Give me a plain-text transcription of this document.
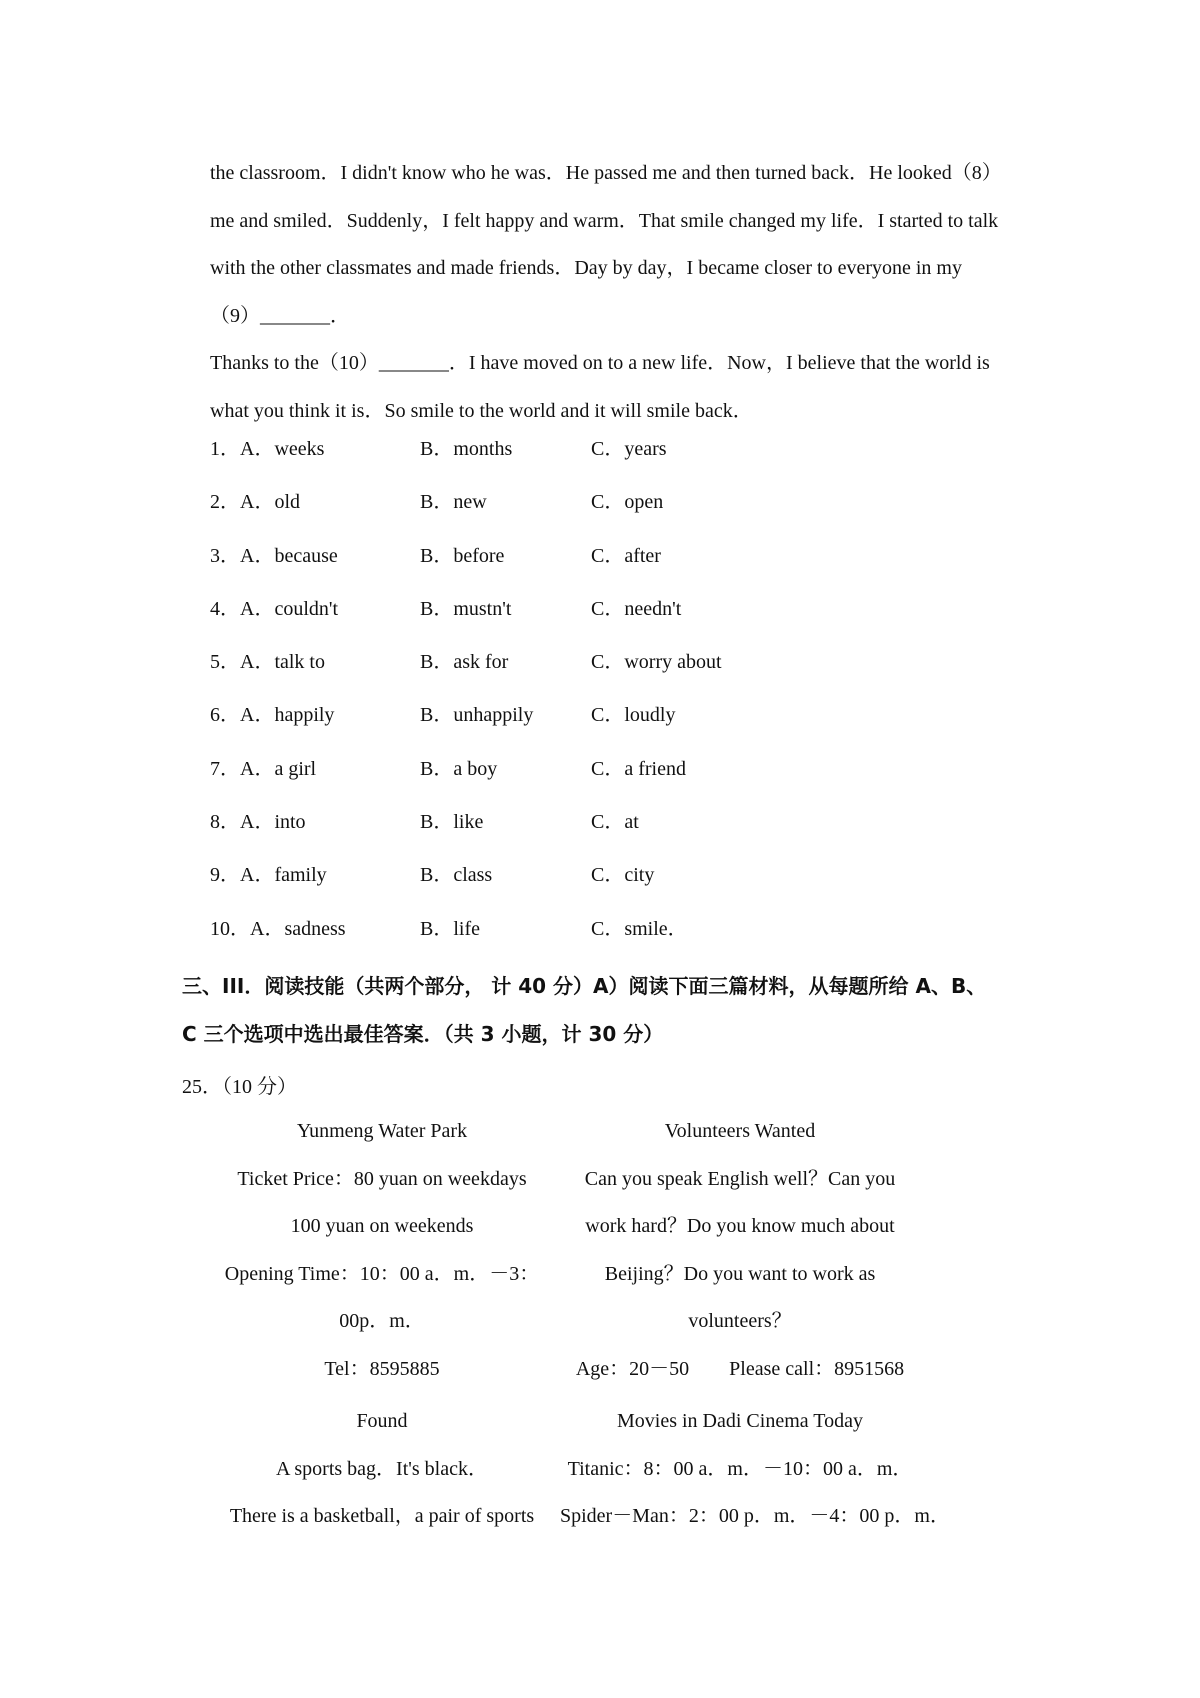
the classroom．I didn't know who he was．He passed me and then turned back．He looked（8）

me and smiled．Suddenly，I felt happy and warm．That smile changed my life．I started to talk

with the other classmates and made friends．Day by day，I became closer to everyone in my

（9）_______．

Thanks to the（10）_______．I have moved on to a new life．Now，I believe that the world is

what you think it is．So smile to the world and it will smile back．

1．A．weeks	B．months	C．years
2．A．old	B．new	C．open
3．A．because	B．before	C．after
4．A．couldn't	B．mustn't	C．needn't
5．A．talk to	B．ask for	C．worry about
6．A．happily	B．unhappily	C．loudly
7．A．a girl	B．a boy	C．a friend
8．A．into	B．like	C．at
9．A．family	B．class	C．city
10．A．sadness	B．life	C．smile．

三、III．阅读技能（共两个部分， 计 40 分）A）阅读下面三篇材料，从每题所给 A、B、

C 三个选项中选出最佳答案．（共 3 小题，计 30 分）

25．（10 分）

Yunmeng Water Park

Ticket Price：80 yuan on weekdays

100 yuan on weekends

Opening Time：10：00 a．m．－3：

00p．m．

Tel：8595885

Volunteers Wanted

Can you speak English well？Can you

work hard？Do you know much about

Beijing？Do you want to work as

volunteers？

Age：20－50　　Please call：8951568

Found

A sports bag．It's black．

There is a basketball，a pair of sports

Movies in Dadi Cinema Today

Titanic：8：00 a．m．－10：00 a．m．

Spider－Man：2：00 p．m．－4：00 p．m．
